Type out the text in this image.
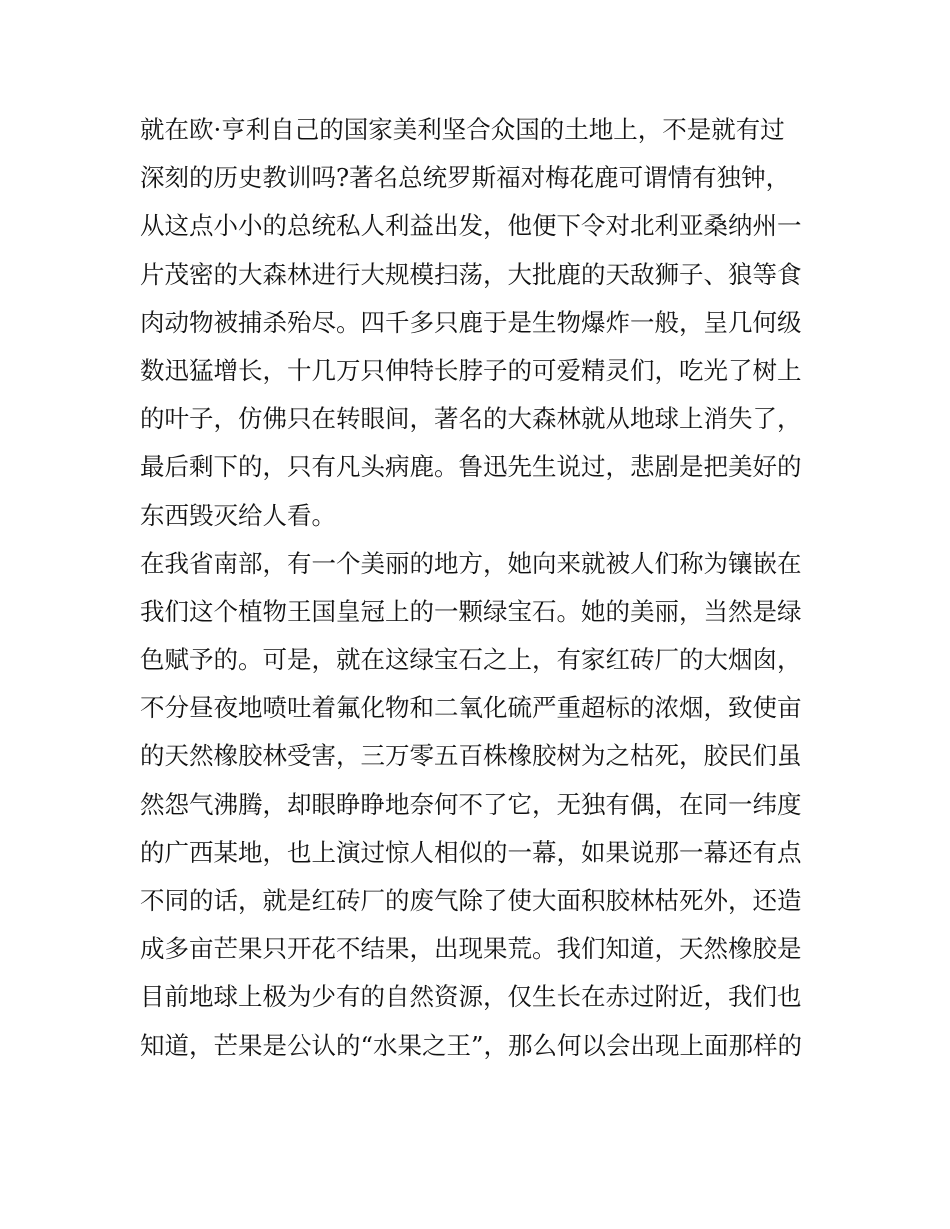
就在欧·亨利自己的国家美利坚合众国的土地上，不是就有过
深刻的历史教训吗?著名总统罗斯福对梅花鹿可谓情有独钟，
从这点小小的总统私人利益出发，他便下令对北利亚桑纳州一
片茂密的大森林进行大规模扫荡，大批鹿的天敌狮子、狼等食
肉动物被捕杀殆尽。四千多只鹿于是生物爆炸一般，呈几何级
数迅猛增长，十几万只伸特长脖子的可爱精灵们，吃光了树上
的叶子，仿佛只在转眼间，著名的大森林就从地球上消失了，
最后剩下的，只有凡头病鹿。鲁迅先生说过，悲剧是把美好的
东西毁灭给人看。
在我省南部，有一个美丽的地方，她向来就被人们称为镶嵌在
我们这个植物王国皇冠上的一颗绿宝石。她的美丽，当然是绿
色赋予的。可是，就在这绿宝石之上，有家红砖厂的大烟囱，
不分昼夜地喷吐着氟化物和二氧化硫严重超标的浓烟，致使亩
的天然橡胶林受害，三万零五百株橡胶树为之枯死，胶民们虽
然怨气沸腾，却眼睁睁地奈何不了它，无独有偶，在同一纬度
的广西某地，也上演过惊人相似的一幕，如果说那一幕还有点
不同的话，就是红砖厂的废气除了使大面积胶林枯死外，还造
成多亩芒果只开花不结果，出现果荒。我们知道，天然橡胶是
目前地球上极为少有的自然资源，仅生长在赤过附近，我们也
知道，芒果是公认的“水果之王”，那么何以会出现上面那样的
